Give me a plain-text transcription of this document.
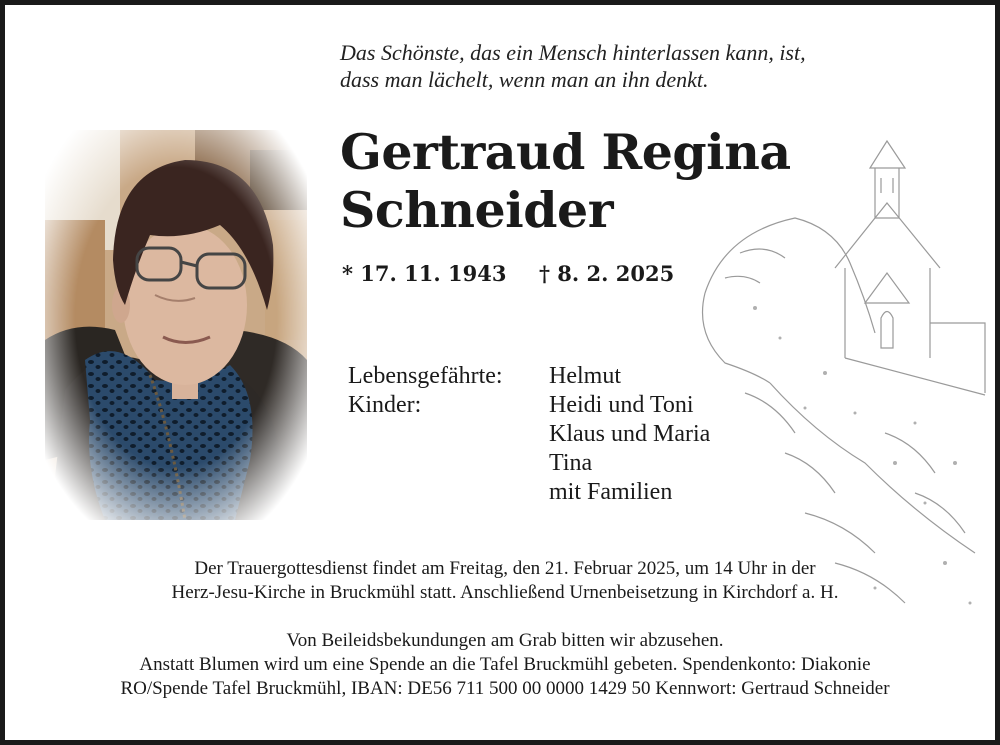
Das Schönste, das ein Mensch hinterlassen kann, ist,
dass man lächelt, wenn man an ihn denkt.
Gertraud Regina
Schneider
* 17. 11. 1943 † 8. 2. 2025
Lebensgefährte: Helmut
Kinder:	Heidi und Toni
Klaus und Maria
Tina
mit Familien
Der Trauergottesdienst findet am Freitag, den 21. Februar 2025, um 14 Uhr in der
Herz-Jesu-Kirche in Bruckmühl statt. Anschließend Urnenbeisetzung in Kirchdorf a. H.
Von Beileidsbekundungen am Grab bitten wir abzusehen.
Anstatt Blumen wird um eine Spende an die Tafel Bruckmühl gebeten. Spendenkonto: Diakonie
RO/Spende Tafel Bruckmühl, IBAN: DE56 711 500 00 0000 1429 50 Kennwort: Gertraud Schneider
